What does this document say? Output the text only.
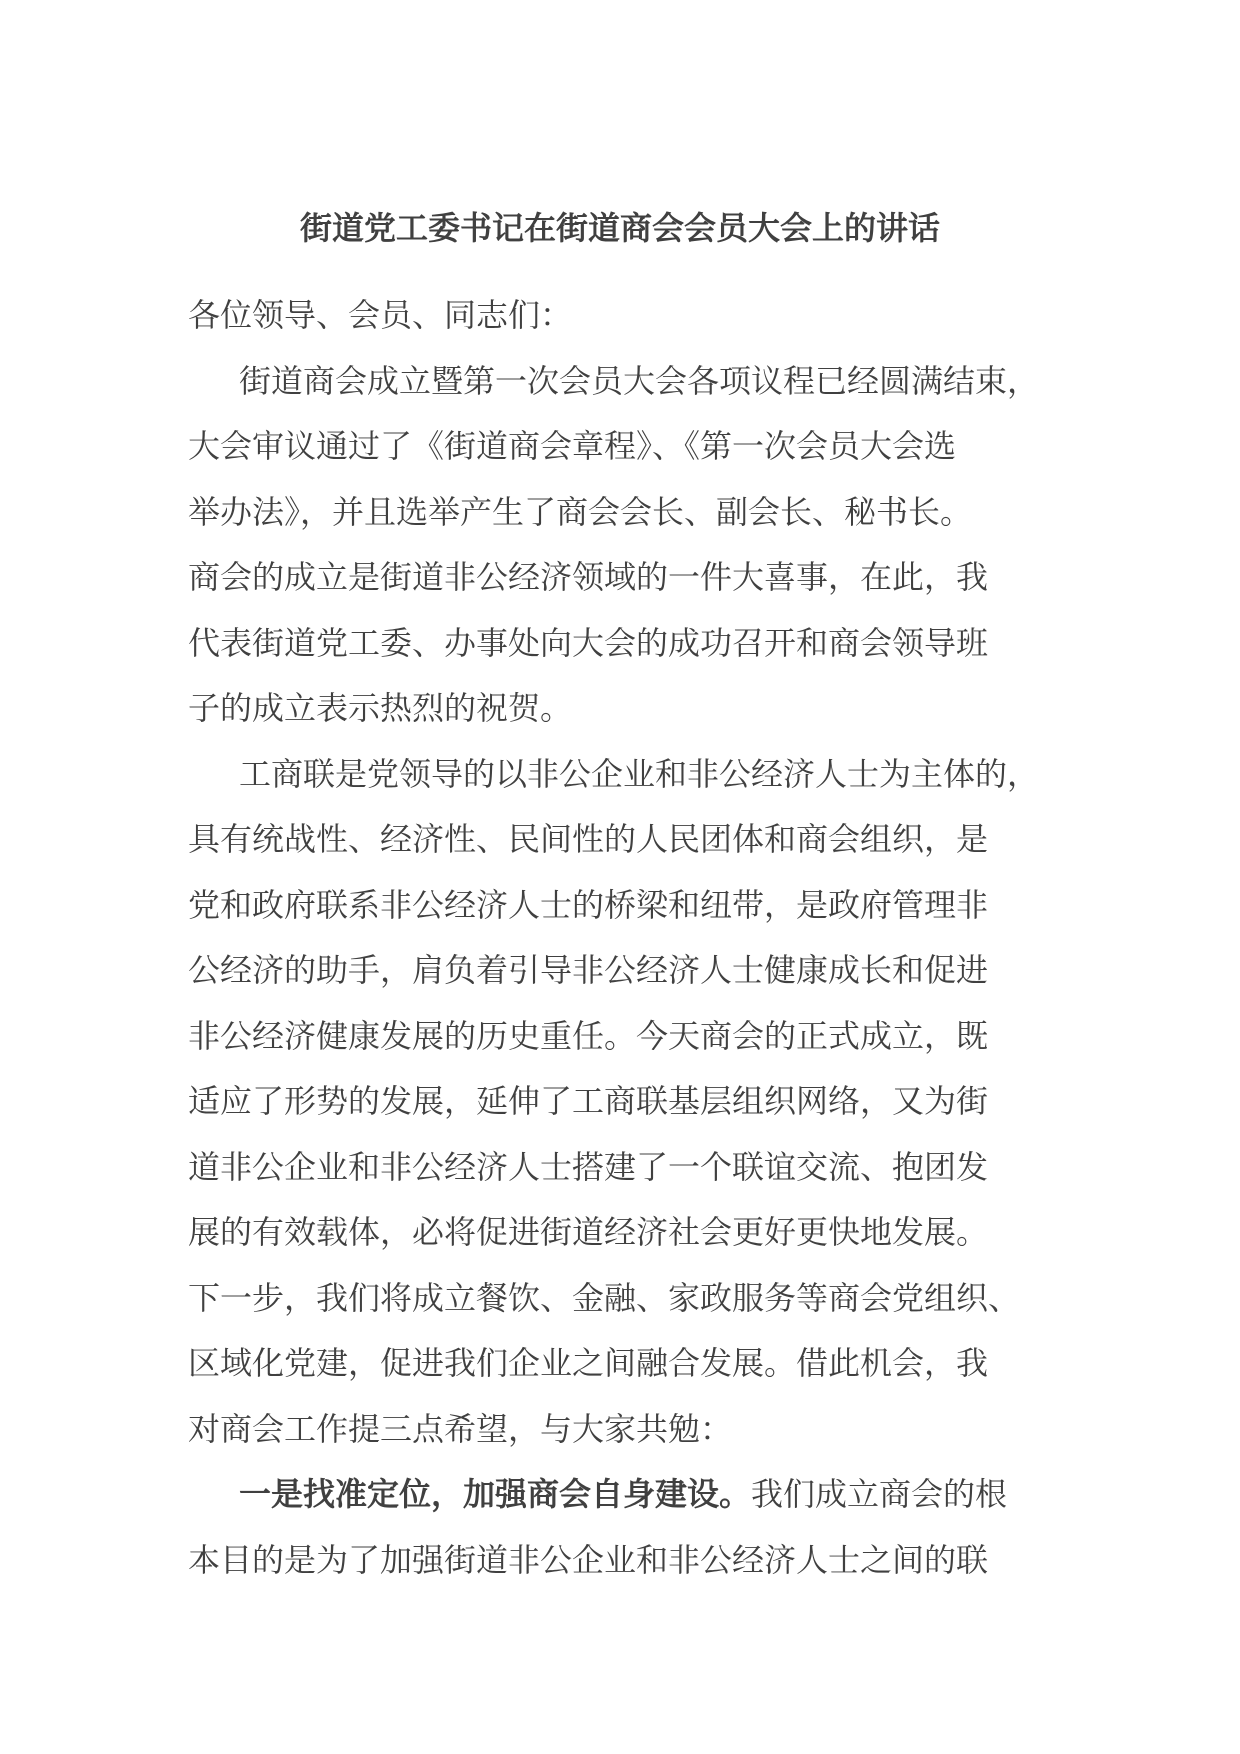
街道党工委书记在街道商会会员大会上的讲话
各位领导、会员、同志们：
街道商会成立暨第一次会员大会各项议程已经圆满结束，
大会审议通过了《街道商会章程》、《第一次会员大会选
举办法》，并且选举产生了商会会长、副会长、秘书长。
商会的成立是街道非公经济领域的一件大喜事，在此，我
代表街道党工委、办事处向大会的成功召开和商会领导班
子的成立表示热烈的祝贺。
工商联是党领导的以非公企业和非公经济人士为主体的，
具有统战性、经济性、民间性的人民团体和商会组织，是
党和政府联系非公经济人士的桥梁和纽带，是政府管理非
公经济的助手，肩负着引导非公经济人士健康成长和促进
非公经济健康发展的历史重任。今天商会的正式成立，既
适应了形势的发展，延伸了工商联基层组织网络，又为街
道非公企业和非公经济人士搭建了一个联谊交流、抱团发
展的有效载体，必将促进街道经济社会更好更快地发展。
下一步，我们将成立餐饮、金融、家政服务等商会党组织、
区域化党建，促进我们企业之间融合发展。借此机会，我
对商会工作提三点希望，与大家共勉：
一是找准定位，加强商会自身建设。我们成立商会的根
本目的是为了加强街道非公企业和非公经济人士之间的联
